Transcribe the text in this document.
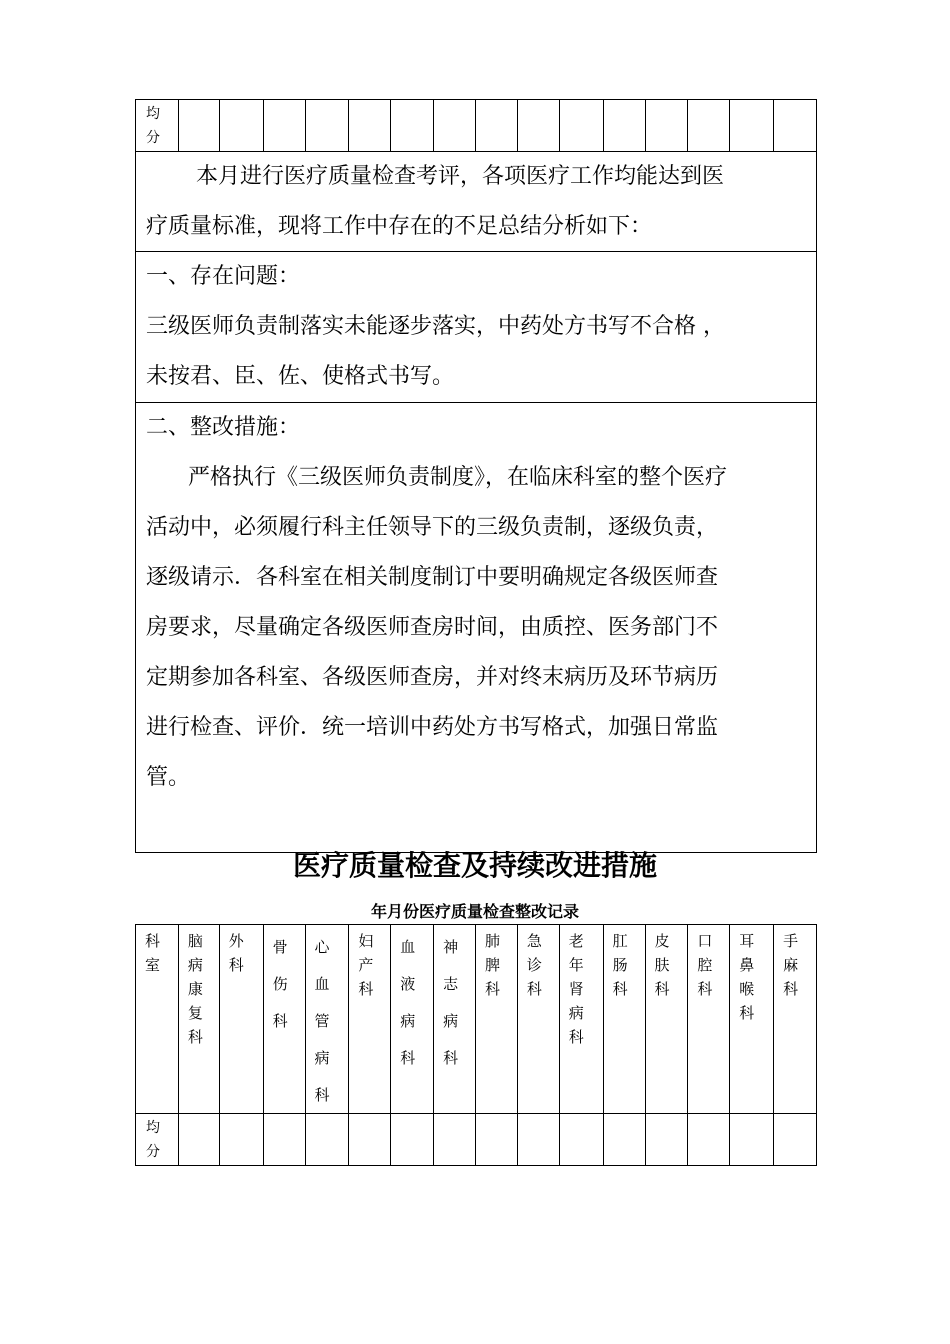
均
分

本月进行医疗质量检查考评，各项医疗工作均能达到医

疗质量标准，现将工作中存在的不足总结分析如下：

一、存在问题：

三级医师负责制落实未能逐步落实，中药处方书写不合格 ，

未按君、臣、佐、使格式书写。

二、整改措施：

严格执行《三级医师负责制度》，在临床科室的整个医疗

活动中，必须履行科主任领导下的三级负责制，逐级负责，

逐级请示．各科室在相关制度制订中要明确规定各级医师查

房要求，尽量确定各级医师查房时间，由质控、医务部门不

定期参加各科室、各级医师查房，并对终末病历及环节病历

进行检查、评价．统一培训中药处方书写格式，加强日常监

管。

医疗质量检查及持续改进措施
年月份医疗质量检查整改记录
科
室
脑病康复科
外科
骨伤科
心血管病科
妇产科
血液病科
神志病科
肺脾科
急诊科
老年肾病科
肛肠科
皮肤科
口腔科
耳鼻喉科
手麻科
均
分
